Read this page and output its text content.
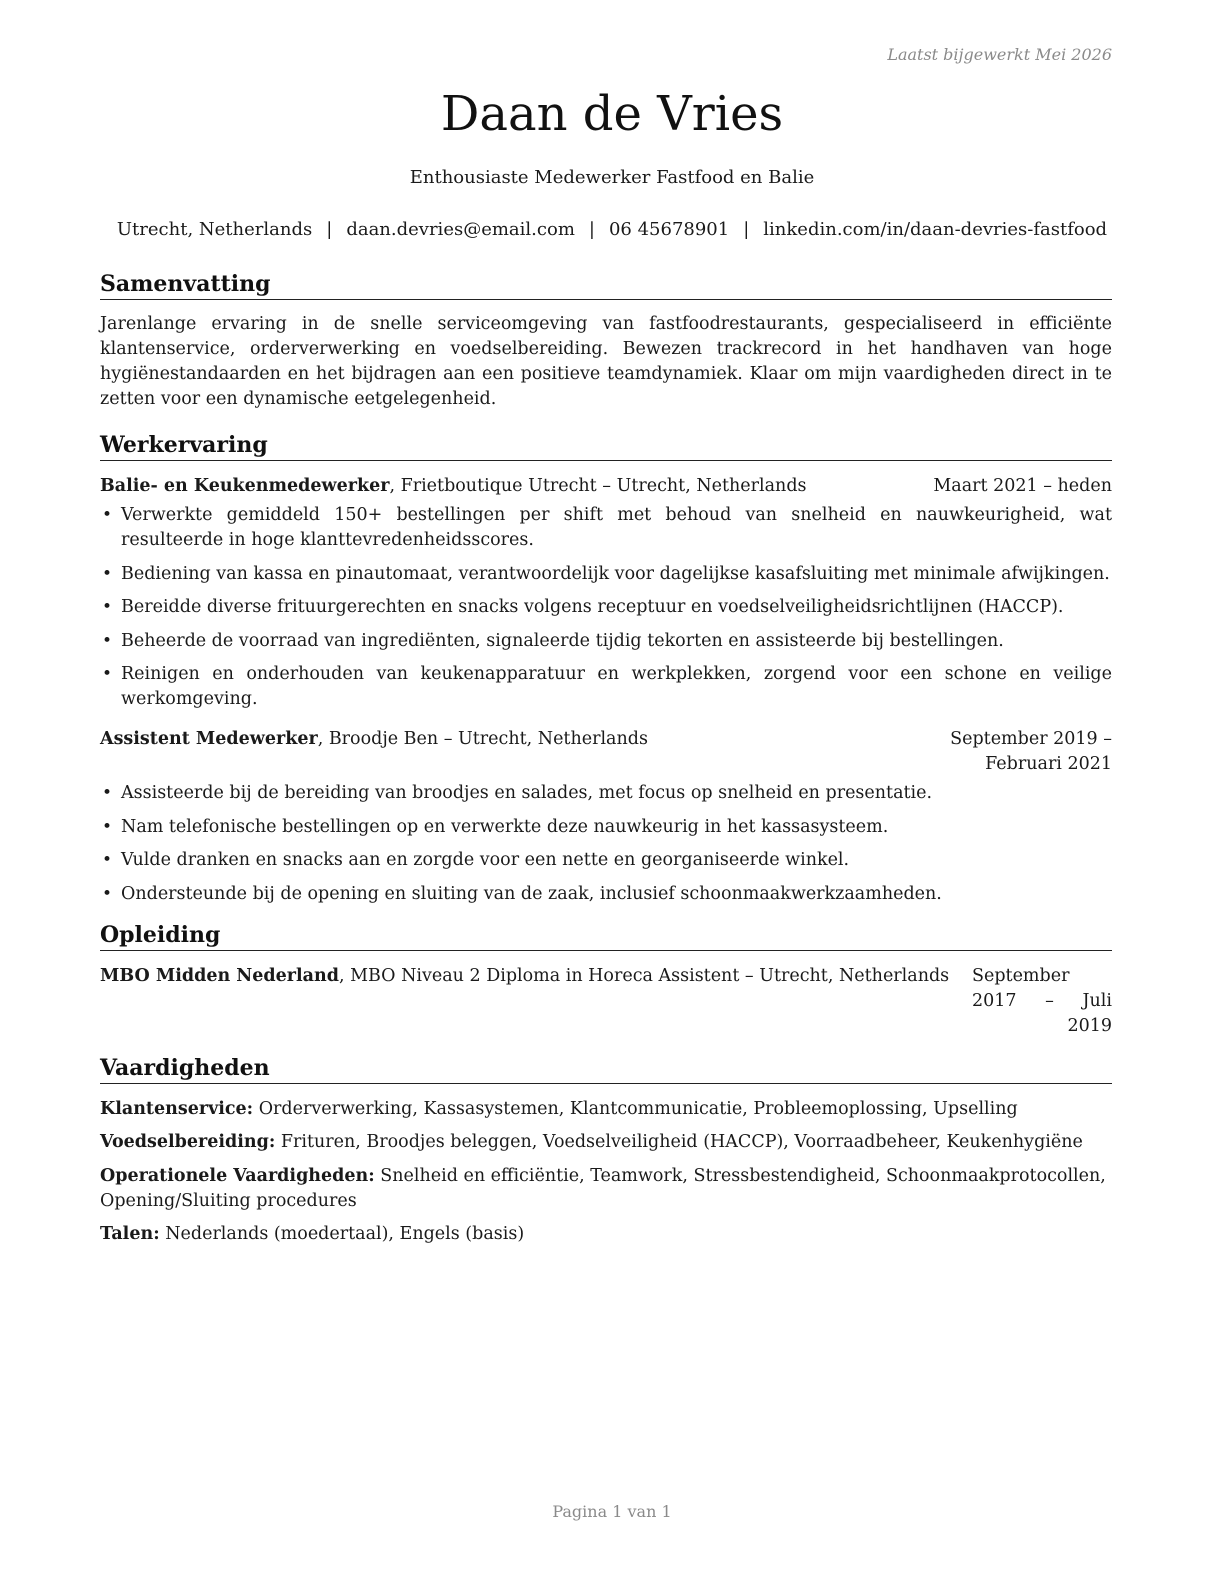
Laatst bijgewerkt Mei 2026
Daan de Vries
Enthousiaste Medewerker Fastfood en Balie
Utrecht, Netherlands | daan.devries@email.com | 06 45678901 | linkedin.com/in/daan-devries-fastfood
Samenvatting

Jarenlange ervaring in de snelle serviceomgeving van fastfoodrestaurants, gespecialiseerd in efficiënte klantenservice, orderverwerking en voedselbereiding. Bewezen trackrecord in het handhaven van hoge hygiënestandaarden en het bijdragen aan een positieve teamdynamiek. Klaar om mijn vaardigheden direct in te zetten voor een dynamische eetgelegenheid.

Werkervaring
Balie- en Keukenmedewerker, Frietboutique Utrecht – Utrecht, Netherlands	Maart 2021 – heden
• Verwerkte gemiddeld 150+ bestellingen per shift met behoud van snelheid en nauwkeurigheid, wat resulteerde in hoge klanttevredenheidsscores.
• Bediening van kassa en pinautomaat, verantwoordelijk voor dagelijkse kasafsluiting met minimale afwijkingen.
• Bereidde diverse frituurgerechten en snacks volgens receptuur en voedselveiligheidsrichtlijnen (HACCP).
• Beheerde de voorraad van ingrediënten, signaleerde tijdig tekorten en assisteerde bij bestellingen.
• Reinigen en onderhouden van keukenapparatuur en werkplekken, zorgend voor een schone en veilige werkomgeving.
Assistent Medewerker, Broodje Ben – Utrecht, Netherlands	September 2019 – Februari 2021
• Assisteerde bij de bereiding van broodjes en salades, met focus op snelheid en presentatie.
• Nam telefonische bestellingen op en verwerkte deze nauwkeurig in het kassasysteem.
• Vulde dranken en snacks aan en zorgde voor een nette en georganiseerde winkel.
• Ondersteunde bij de opening en sluiting van de zaak, inclusief schoonmaakwerkzaamheden.
Opleiding
MBO Midden Nederland, MBO Niveau 2 Diploma in Horeca Assistent – Utrecht, Netherlands	September 2017 – Juli 2019
Vaardigheden

Klantenservice: Orderverwerking, Kassasystemen, Klantcommunicatie, Probleemoplossing, Upselling

Voedselbereiding: Frituren, Broodjes beleggen, Voedselveiligheid (HACCP), Voorraadbeheer, Keukenhygiëne

Operationele Vaardigheden: Snelheid en efficiëntie, Teamwork, Stressbestendigheid, Schoonmaakprotocollen, Opening/Sluiting procedures

Talen: Nederlands (moedertaal), Engels (basis)

Pagina 1 van 1
